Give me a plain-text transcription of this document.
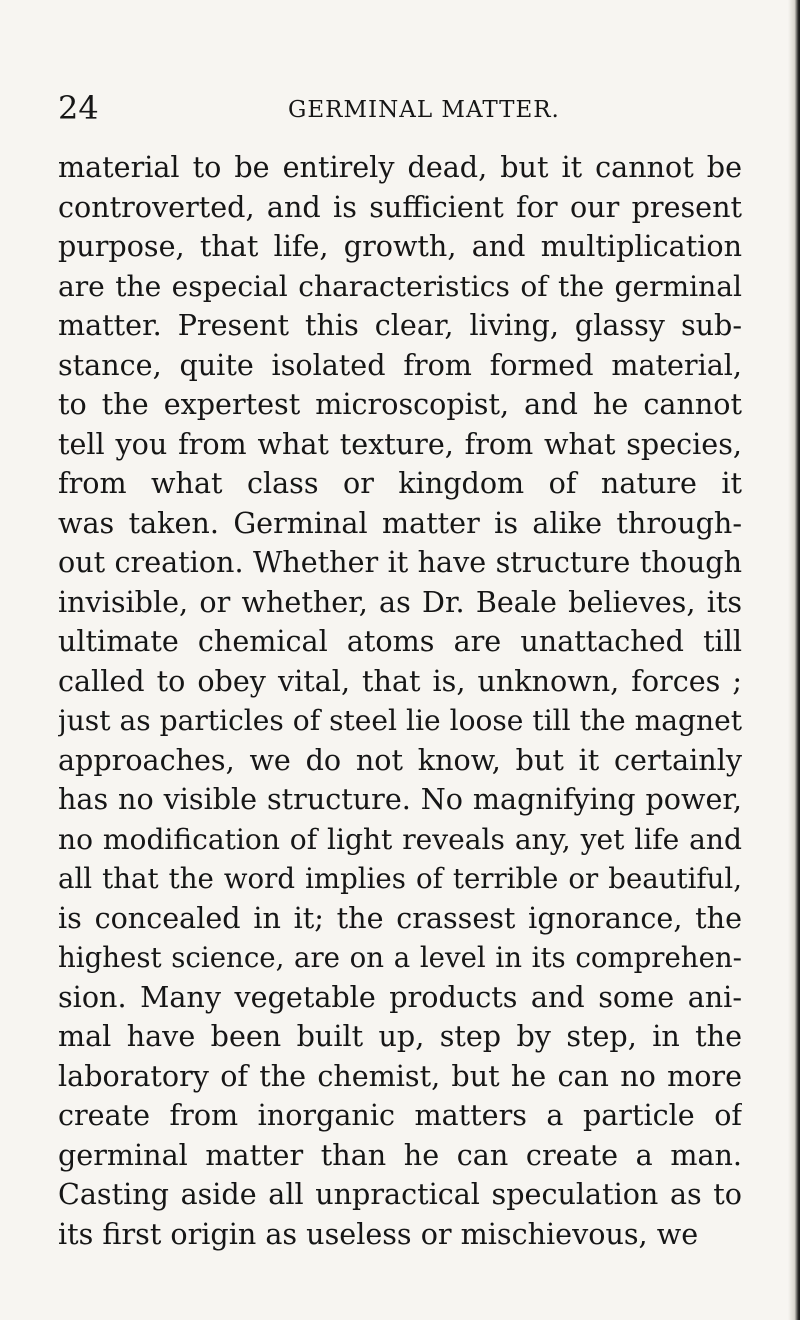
24	GERMINAL MATTER.
material to be entirely dead, but it cannot be
controverted, and is sufficient for our present
purpose, that life, growth, and multiplication
are the especial characteristics of the germinal
matter. Present this clear, living, glassy sub-
stance, quite isolated from formed material,
to the expertest microscopist, and he cannot
tell you from what texture, from what species,
from what class or kingdom of nature it
was taken. Germinal matter is alike through-
out creation. Whether it have structure though
invisible, or whether, as Dr. Beale believes, its
ultimate chemical atoms are unattached till
called to obey vital, that is, unknown, forces ;
just as particles of steel lie loose till the magnet
approaches, we do not know, but it certainly
has no visible structure. No magnifying power,
no modification of light reveals any, yet life and
all that the word implies of terrible or beautiful,
is concealed in it; the crassest ignorance, the
highest science, are on a level in its comprehen-
sion. Many vegetable products and some ani-
mal have been built up, step by step, in the
laboratory of the chemist, but he can no more
create from inorganic matters a particle of
germinal matter than he can create a man.
Casting aside all unpractical speculation as to
its first origin as useless or mischievous, we
